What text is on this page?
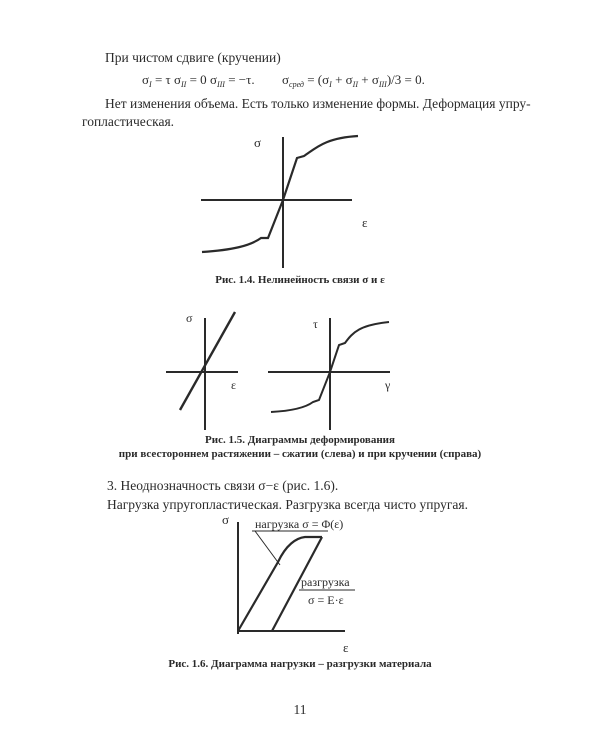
При чистом сдвиге (кручении)
$\sigma_I = \tau$ $\sigma_{II} = 0$ $\sigma_{III} = -\tau$. $\sigma_{сред} = (\sigma_I + \sigma_{II} + \sigma_{III})/3 = 0$.
Нет изменения объема. Есть только изменение формы. Деформация упру-
гопластическая.
σ
ε
Рис. 1.4. Нелинейность связи σ и ε
σ
ε
τ
γ
Рис. 1.5. Диаграммы деформирования
при всестороннем растяжении – сжатии (слева) и при кручении (справа)
3. Неоднозначность связи σ−ε (рис. 1.6).
Нагрузка упругопластическая. Разгрузка всегда чисто упругая.
σ
ε
нагрузка σ = Φ(ε)
разгрузка
σ = E·ε
Рис. 1.6. Диаграмма нагрузки – разгрузки материала
11
